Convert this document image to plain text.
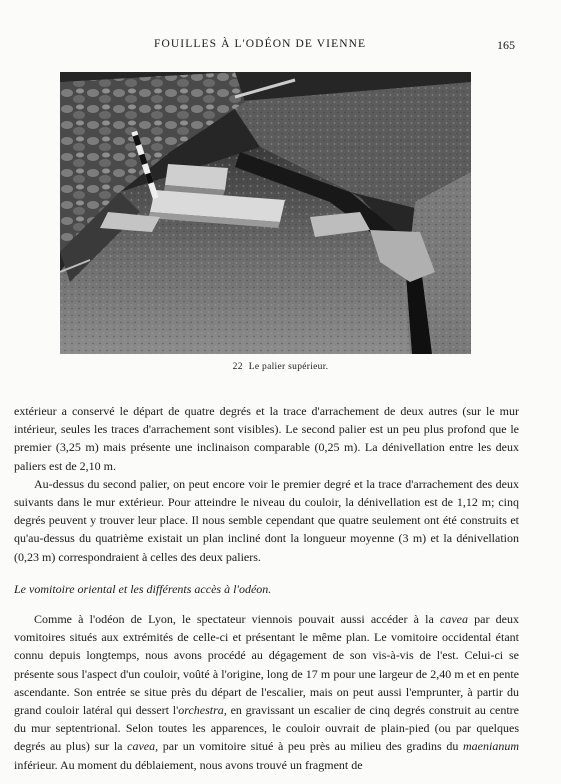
FOUILLES À L'ODÉON DE VIENNE	165
22 Le palier supérieur.

extérieur a conservé le départ de quatre degrés et la trace d'arrachement de deux autres (sur le mur intérieur, seules les traces d'arrachement sont visibles). Le second palier est un peu plus profond que le premier (3,25 m) mais présente une inclinaison comparable (0,25 m). La dénivellation entre les deux paliers est de 2,10 m.

Au-dessus du second palier, on peut encore voir le premier degré et la trace d'arrachement des deux suivants dans le mur extérieur. Pour atteindre le niveau du couloir, la dénivellation est de 1,12 m; cinq degrés peuvent y trouver leur place. Il nous semble cependant que quatre seulement ont été construits et qu'au-dessus du quatrième existait un plan incliné dont la longueur moyenne (3 m) et la dénivellation (0,23 m) correspondraient à celles des deux paliers.

Le vomitoire oriental et les différents accès à l'odéon.

Comme à l'odéon de Lyon, le spectateur viennois pouvait aussi accéder à la cavea par deux vomitoires situés aux extrémités de celle-ci et présentant le même plan. Le vomitoire occidental étant connu depuis longtemps, nous avons procédé au dégagement de son vis-à-vis de l'est. Celui-ci se présente sous l'aspect d'un couloir, voûté à l'origine, long de 17 m pour une largeur de 2,40 m et en pente ascendante. Son entrée se situe près du départ de l'escalier, mais on peut aussi l'emprunter, à partir du grand couloir latéral qui dessert l'orchestra, en gravissant un escalier de cinq degrés construit au centre du mur septentrional. Selon toutes les apparences, le couloir ouvrait de plain-pied (ou par quelques degrés au plus) sur la cavea, par un vomitoire situé à peu près au milieu des gradins du maenianum inférieur. Au moment du déblaiement, nous avons trouvé un fragment de
